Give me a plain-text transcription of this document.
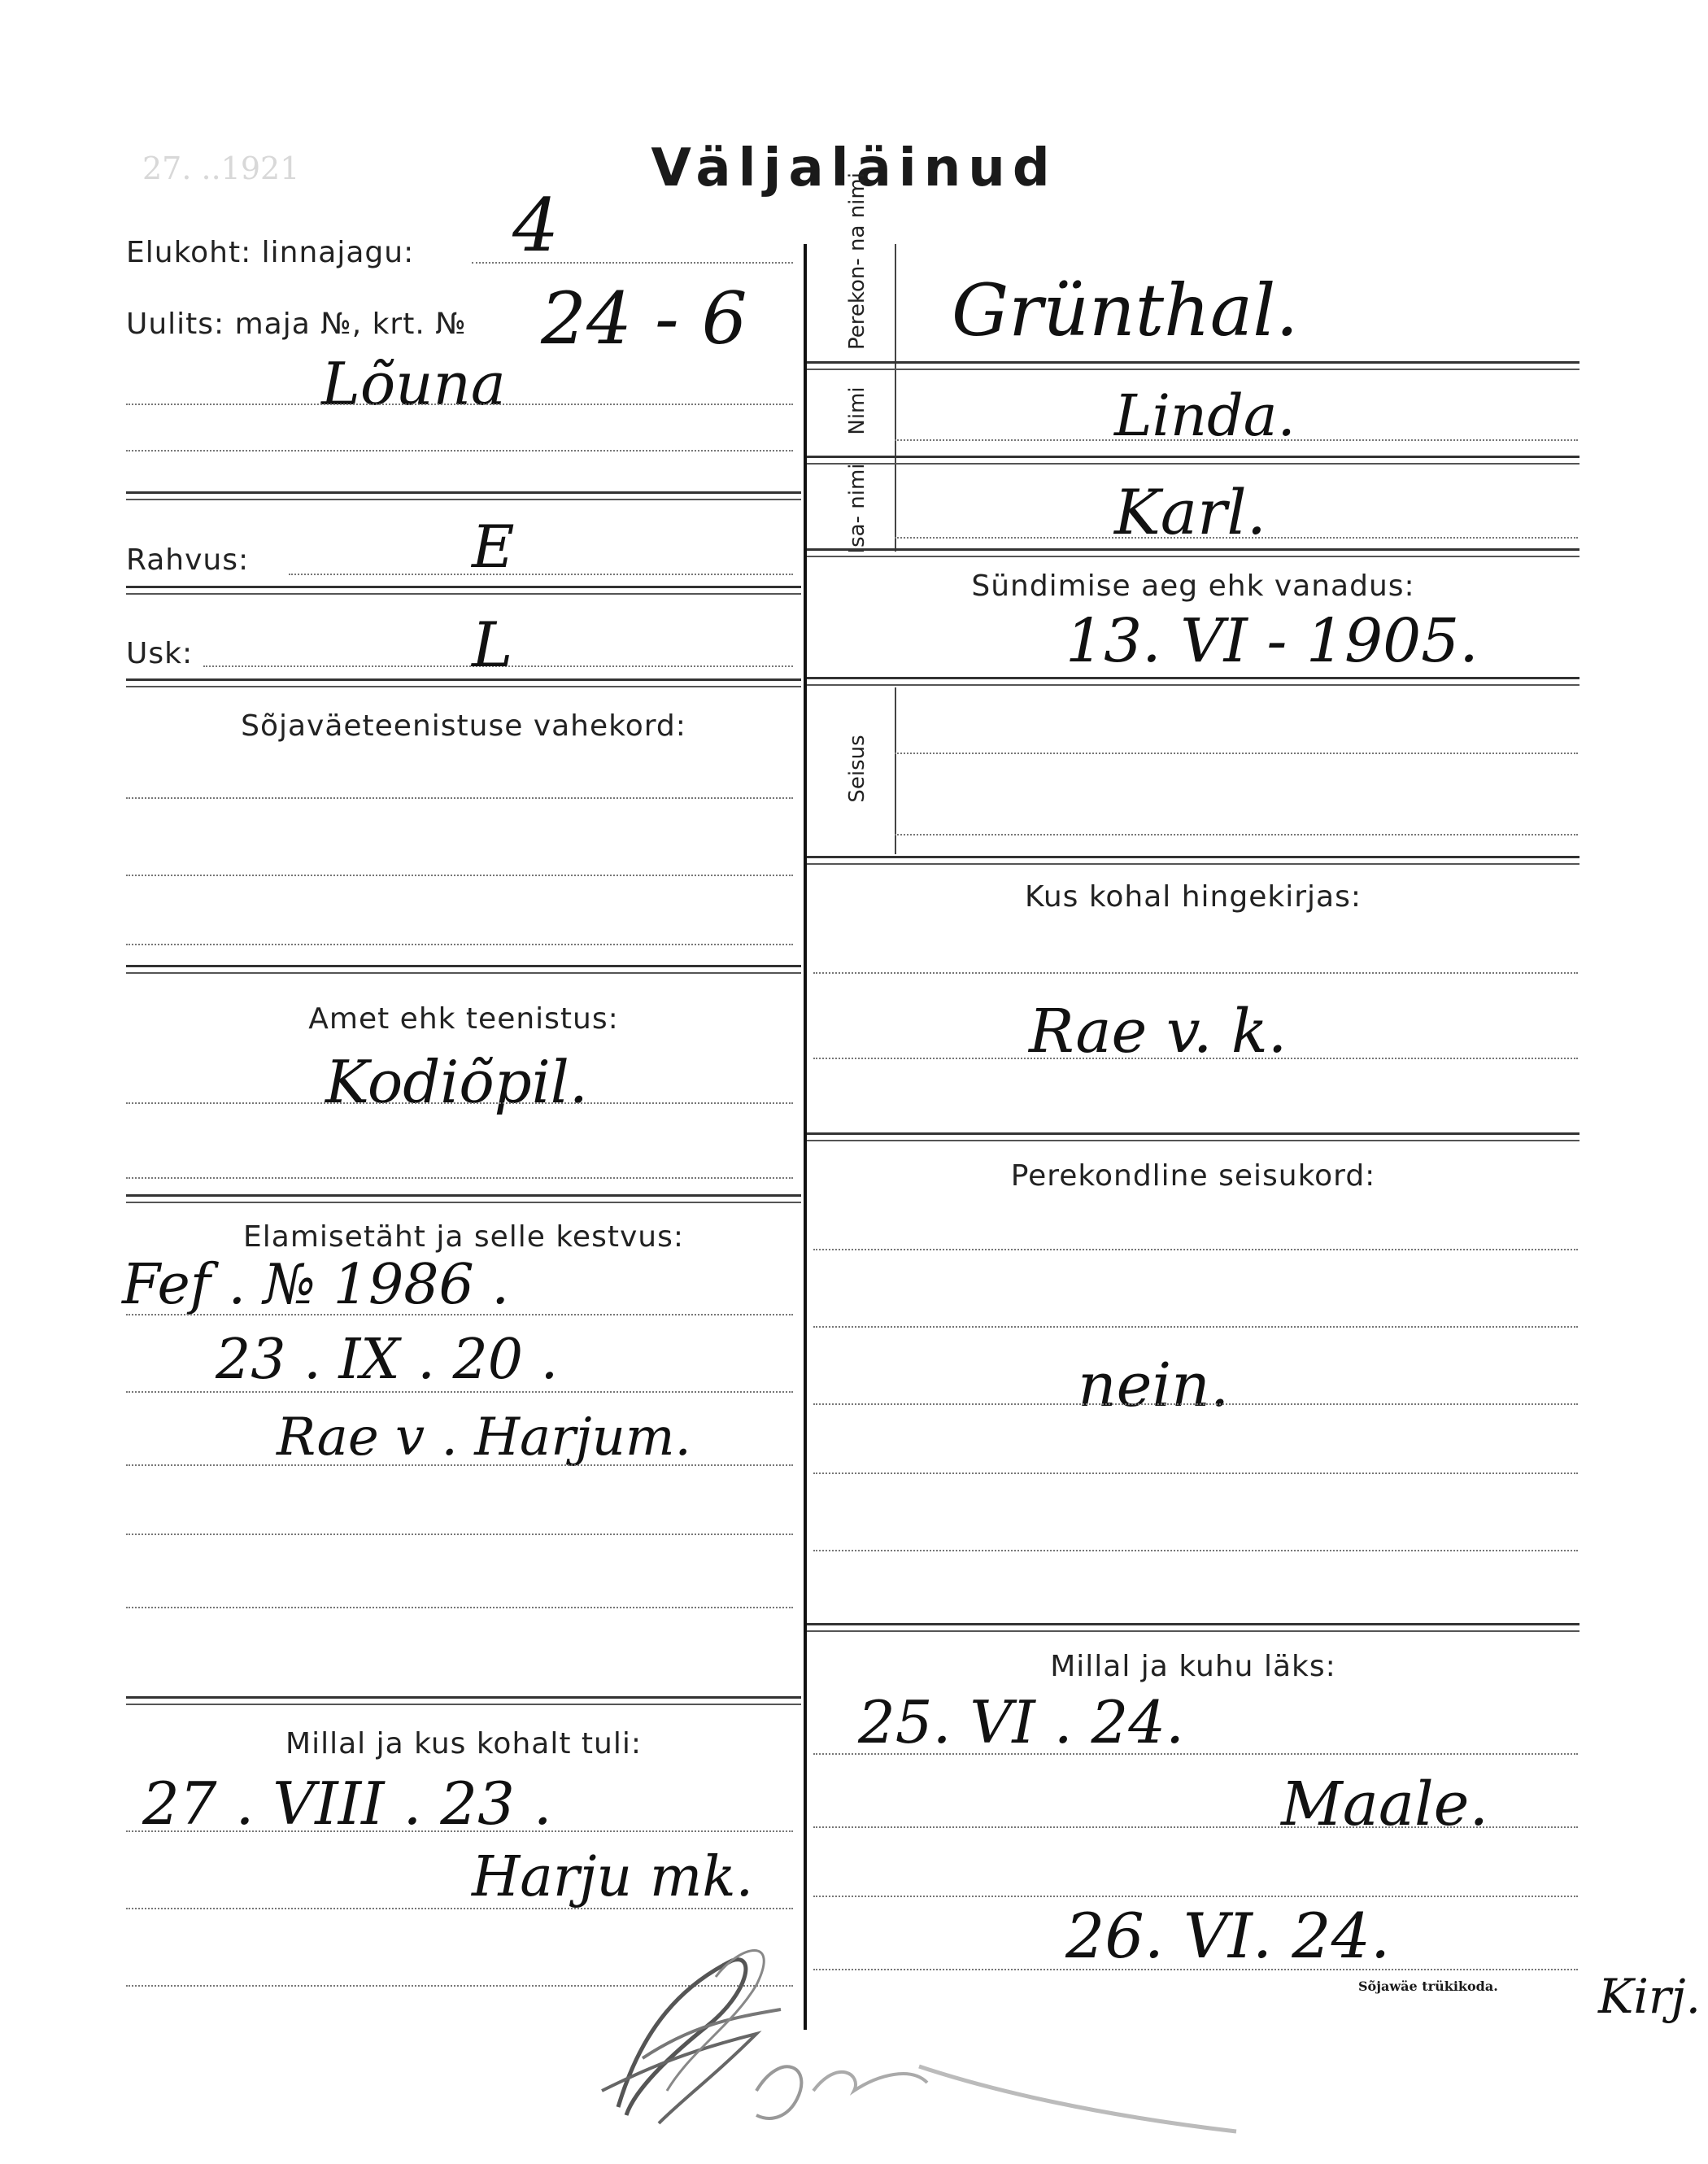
27. ..1921	Väljaläinud
Elukoht: linnajagu: 4
Uulits: maja №, krt. № 24 - 6
Lõuna
Rahvus:	E
Usk:	L
Sõjaväeteenistuse vahekord:
Amet ehk teenistus:
Kodiõpil.
Elamisetäht ja selle kestvus:
Fef . № 1986 .
23 . IX . 20 .
Rae v . Harjum.
Millal ja kus kohalt tuli:
27 . VIII . 23 .
Harju mk.
Perekon- na nimi Grünthal.
Nimi	Linda.
Isa- nimi	Karl.
Sündimise aeg ehk vanadus:
13. VI - 1905.
Seisus
Kus kohal hingekirjas:
Rae v. k.
Perekondline seisukord:
nein.
Millal ja kuhu läks:
25. VI . 24.
Maale.
26. VI. 24.
Sõjawäe trükikoda. Kirj.
